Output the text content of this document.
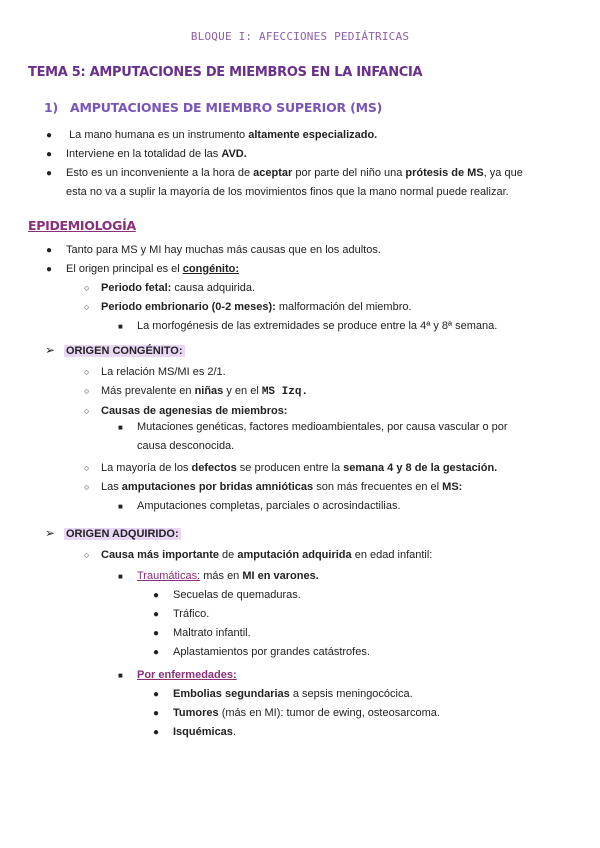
BLOQUE I: AFECCIONES PEDIÁTRICAS
TEMA 5: AMPUTACIONES DE MIEMBROS EN LA INFANCIA
1) AMPUTACIONES DE MIEMBRO SUPERIOR (MS)
● La mano humana es un instrumento altamente especializado.
● Interviene en la totalidad de las AVD.
● Esto es un inconveniente a la hora de aceptar por parte del niño una prótesis de MS, ya que
esta no va a suplir la mayoría de los movimientos finos que la mano normal puede realizar.
EPIDEMIOLOGÍA
● Tanto para MS y MI hay muchas más causas que en los adultos.
● El origen principal es el congénito:
○ Periodo fetal: causa adquirida.
○ Periodo embrionario (0-2 meses): malformación del miembro.
■ La morfogénesis de las extremidades se produce entre la 4ª y 8ª semana.
➢ ORIGEN CONGÉNITO:
○ La relación MS/MI es 2/1.
○ Más prevalente en niñas y en el MS Izq.
○ Causas de agenesias de miembros:
■ Mutaciones genéticas, factores medioambientales, por causa vascular o por
causa desconocida.
○ La mayoría de los defectos se producen entre la semana 4 y 8 de la gestación.
○ Las amputaciones por bridas amnióticas son más frecuentes en el MS:
■ Amputaciones completas, parciales o acrosindactilias.
➢ ORIGEN ADQUIRIDO:
○ Causa más importante de amputación adquirida en edad infantil:
■ Traumáticas: más en MI en varones.
● Secuelas de quemaduras.
● Tráfico.
● Maltrato infantil.
● Aplastamientos por grandes catástrofes.
■ Por enfermedades:
● Embolias segundarias a sepsis meningocócica.
● Tumores (más en MI): tumor de ewing, osteosarcoma.
● Isquémicas.
